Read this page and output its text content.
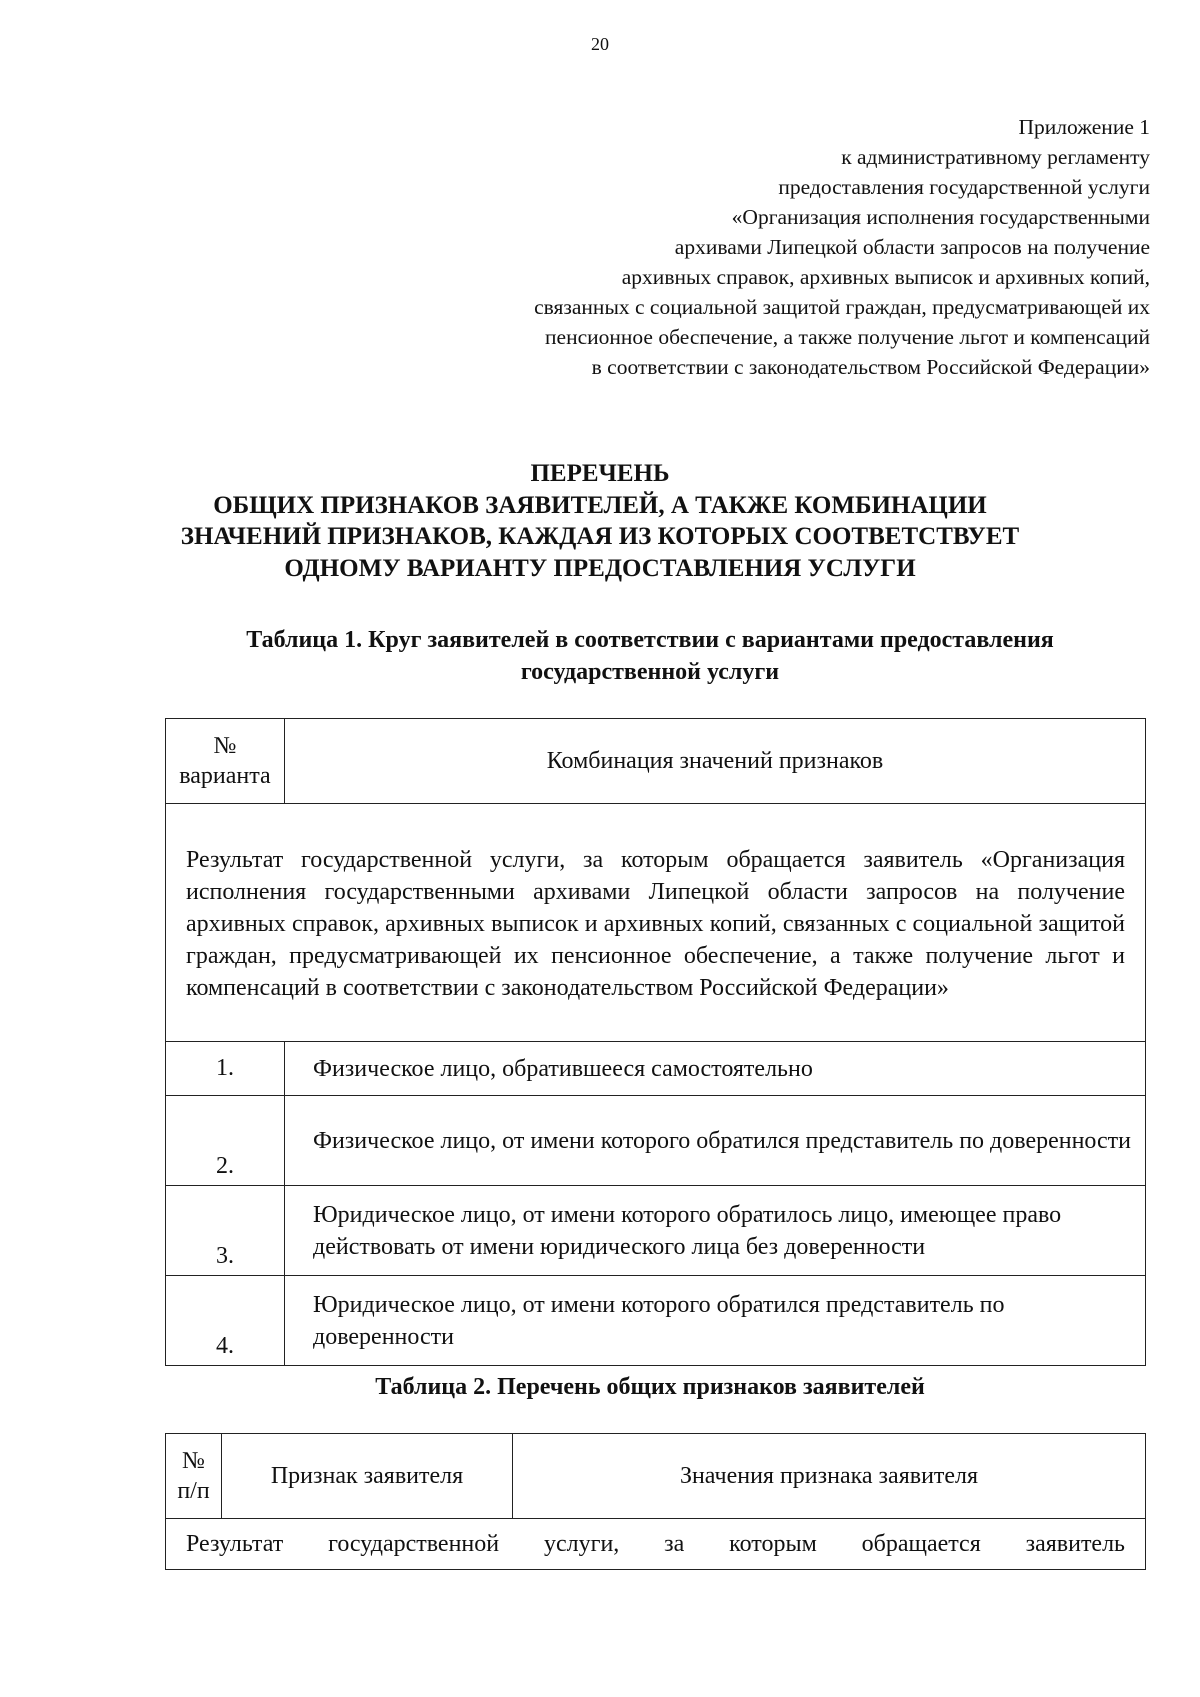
20
Приложение 1
к административному регламенту
предоставления государственной услуги
«Организация исполнения государственными
архивами Липецкой области запросов на получение
архивных справок, архивных выписок и архивных копий,
связанных с социальной защитой граждан, предусматривающей их
пенсионное обеспечение, а также получение льгот и компенсаций
в соответствии с законодательством Российской Федерации»
ПЕРЕЧЕНЬ
ОБЩИХ ПРИЗНАКОВ ЗАЯВИТЕЛЕЙ, А ТАКЖЕ КОМБИНАЦИИ
ЗНАЧЕНИЙ ПРИЗНАКОВ, КАЖДАЯ ИЗ КОТОРЫХ СООТВЕТСТВУЕТ
ОДНОМУ ВАРИАНТУ ПРЕДОСТАВЛЕНИЯ УСЛУГИ
Таблица 1. Круг заявителей в соответствии с вариантами предоставления
государственной услуги
№
варианта	Комбинация значений признаков
Результат государственной услуги, за которым обращается заявитель «Организация исполнения государственными архивами Липецкой области запросов на получение архивных справок, архивных выписок и архивных копий, связанных с социальной защитой граждан, предусматривающей их пенсионное обеспечение, а также получение льгот и компенсаций в соответствии с законодательством Российской Федерации»	
1.	Физическое лицо, обратившееся самостоятельно
2.	Физическое лицо, от имени которого обратился представитель по доверенности
3.	Юридическое лицо, от имени которого обратилось лицо, имеющее право действовать от имени юридического лица без доверенности
4.	Юридическое лицо, от имени которого обратился представитель по доверенности
Таблица 2. Перечень общих признаков заявителей
№
п/п	Признак заявителя	Значения признака заявителя
Результат государственной услуги, за которым обращается заявитель
